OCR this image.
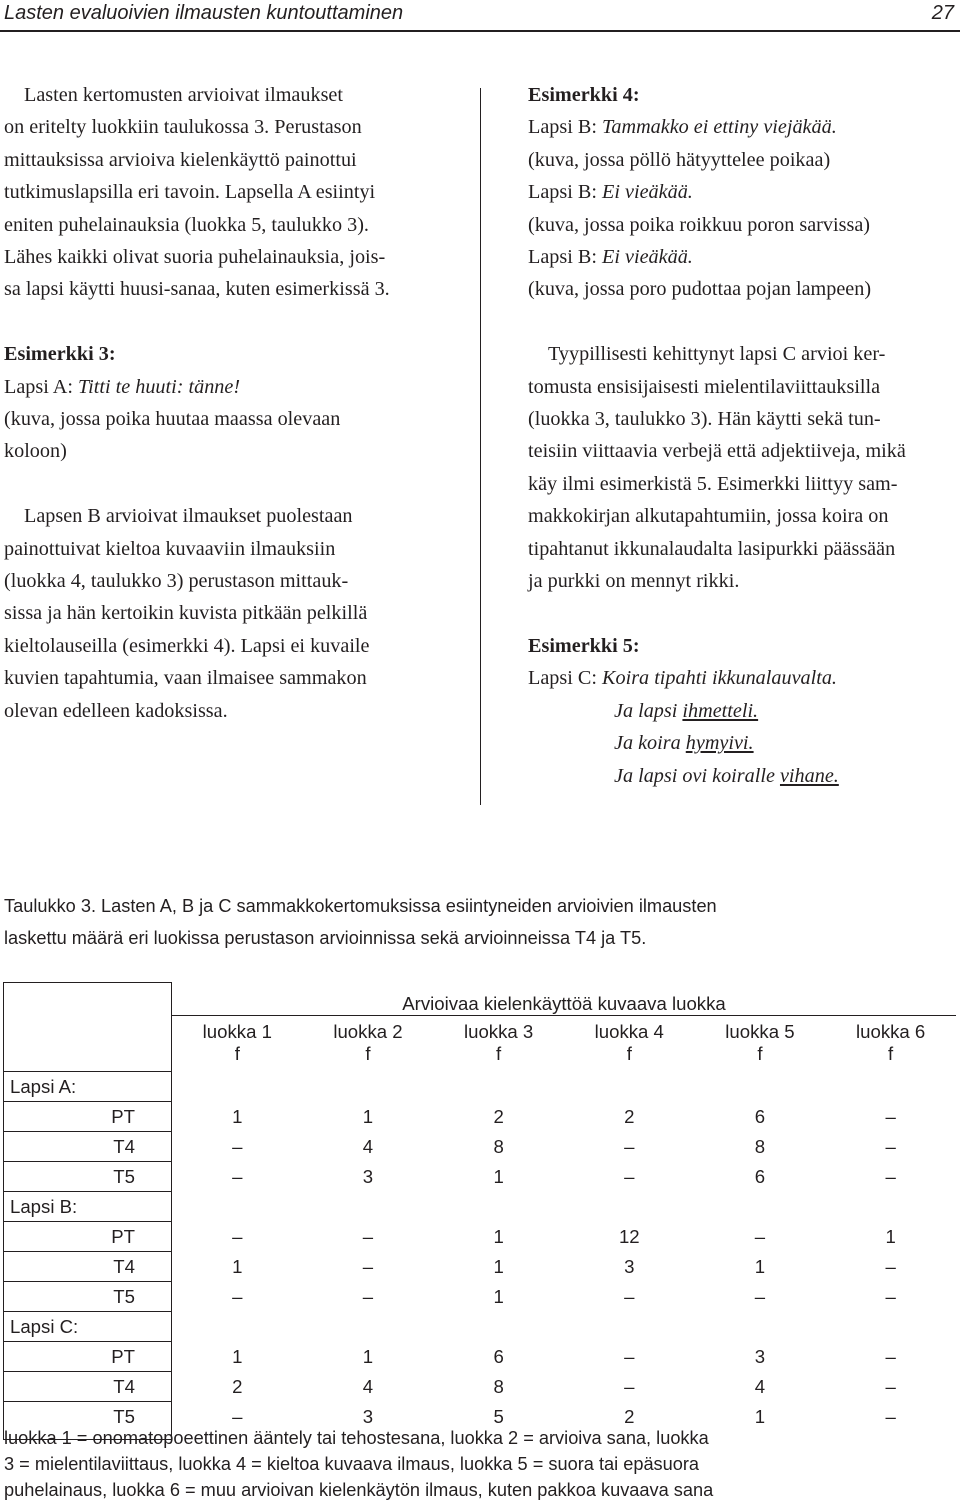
Lasten evaluoivien ilmausten kuntouttaminen	27

Lasten kertomusten arvioivat ilmaukset

on eritelty luokkiin taulukossa 3. Perustason

mittauksissa arvioiva kielenkäyttö painottui

tutkimuslapsilla eri tavoin. Lapsella A esiintyi

eniten puhelainauksia (luokka 5, taulukko 3).

Lähes kaikki olivat suoria puhelainauksia, jois-

sa lapsi käytti huusi-sanaa, kuten esimerkissä 3.

Esimerkki 3:

Lapsi A: Titti te huuti: tänne!

(kuva, jossa poika huutaa maassa olevaan

koloon)

Lapsen B arvioivat ilmaukset puolestaan

painottuivat kieltoa kuvaaviin ilmauksiin

(luokka 4, taulukko 3) perustason mittauk-

sissa ja hän kertoikin kuvista pitkään pelkillä

kieltolauseilla (esimerkki 4). Lapsi ei kuvaile

kuvien tapahtumia, vaan ilmaisee sammakon

olevan edelleen kadoksissa.

Esimerkki 4:

Lapsi B: Tammakko ei ettiny viejäkää.

(kuva, jossa pöllö hätyyttelee poikaa)

Lapsi B: Ei vieäkää.

(kuva, jossa poika roikkuu poron sarvissa)

Lapsi B: Ei vieäkää.

(kuva, jossa poro pudottaa pojan lampeen)

Tyypillisesti kehittynyt lapsi C arvioi ker-

tomusta ensisijaisesti mielentilaviittauksilla

(luokka 3, taulukko 3). Hän käytti sekä tun-

teisiin viittaavia verbejä että adjektiiveja, mikä

käy ilmi esimerkistä 5. Esimerkki liittyy sam-

makkokirjan alkutapahtumiin, jossa koira on

tipahtanut ikkunalaudalta lasipurkki päässään

ja purkki on mennyt rikki.

Esimerkki 5:

Lapsi C: Koira tipahti ikkunalauvalta.

Ja lapsi ihmetteli.

Ja koira hymyivi.

Ja lapsi ovi koiralle vihane.

Taulukko 3. Lasten A, B ja C sammakkokertomuksissa esiintyneiden arvioivien ilmausten

laskettu määrä eri luokissa perustason arvioinnissa sekä arvioinneissa T4 ja T5.

	Arvioivaa kielenkäyttöä kuvaava luokka					
	luokka 1	luokka 2	luokka 3	luokka 4	luokka 5	luokka 6
	f	f	f	f	f	f
Lapsi A:						
PT	1	1	2	2	6	–
T4	–	4	8	–	8	–
T5	–	3	1	–	6	–
Lapsi B:						
PT	–	–	1	12	–	1
T4	1	–	1	3	1	–
T5	–	–	1	–	–	–
Lapsi C:						
PT	1	1	6	–	3	–
T4	2	4	8	–	4	–
T5	–	3	5	2	1	–

luokka 1 = onomatopoeettinen ääntely tai tehostesana, luokka 2 = arvioiva sana, luokka

3 = mielentilaviittaus, luokka 4 = kieltoa kuvaava ilmaus, luokka 5 = suora tai epäsuora

puhelainaus, luokka 6 = muu arvioivan kielenkäytön ilmaus, kuten pakkoa kuvaava sana
